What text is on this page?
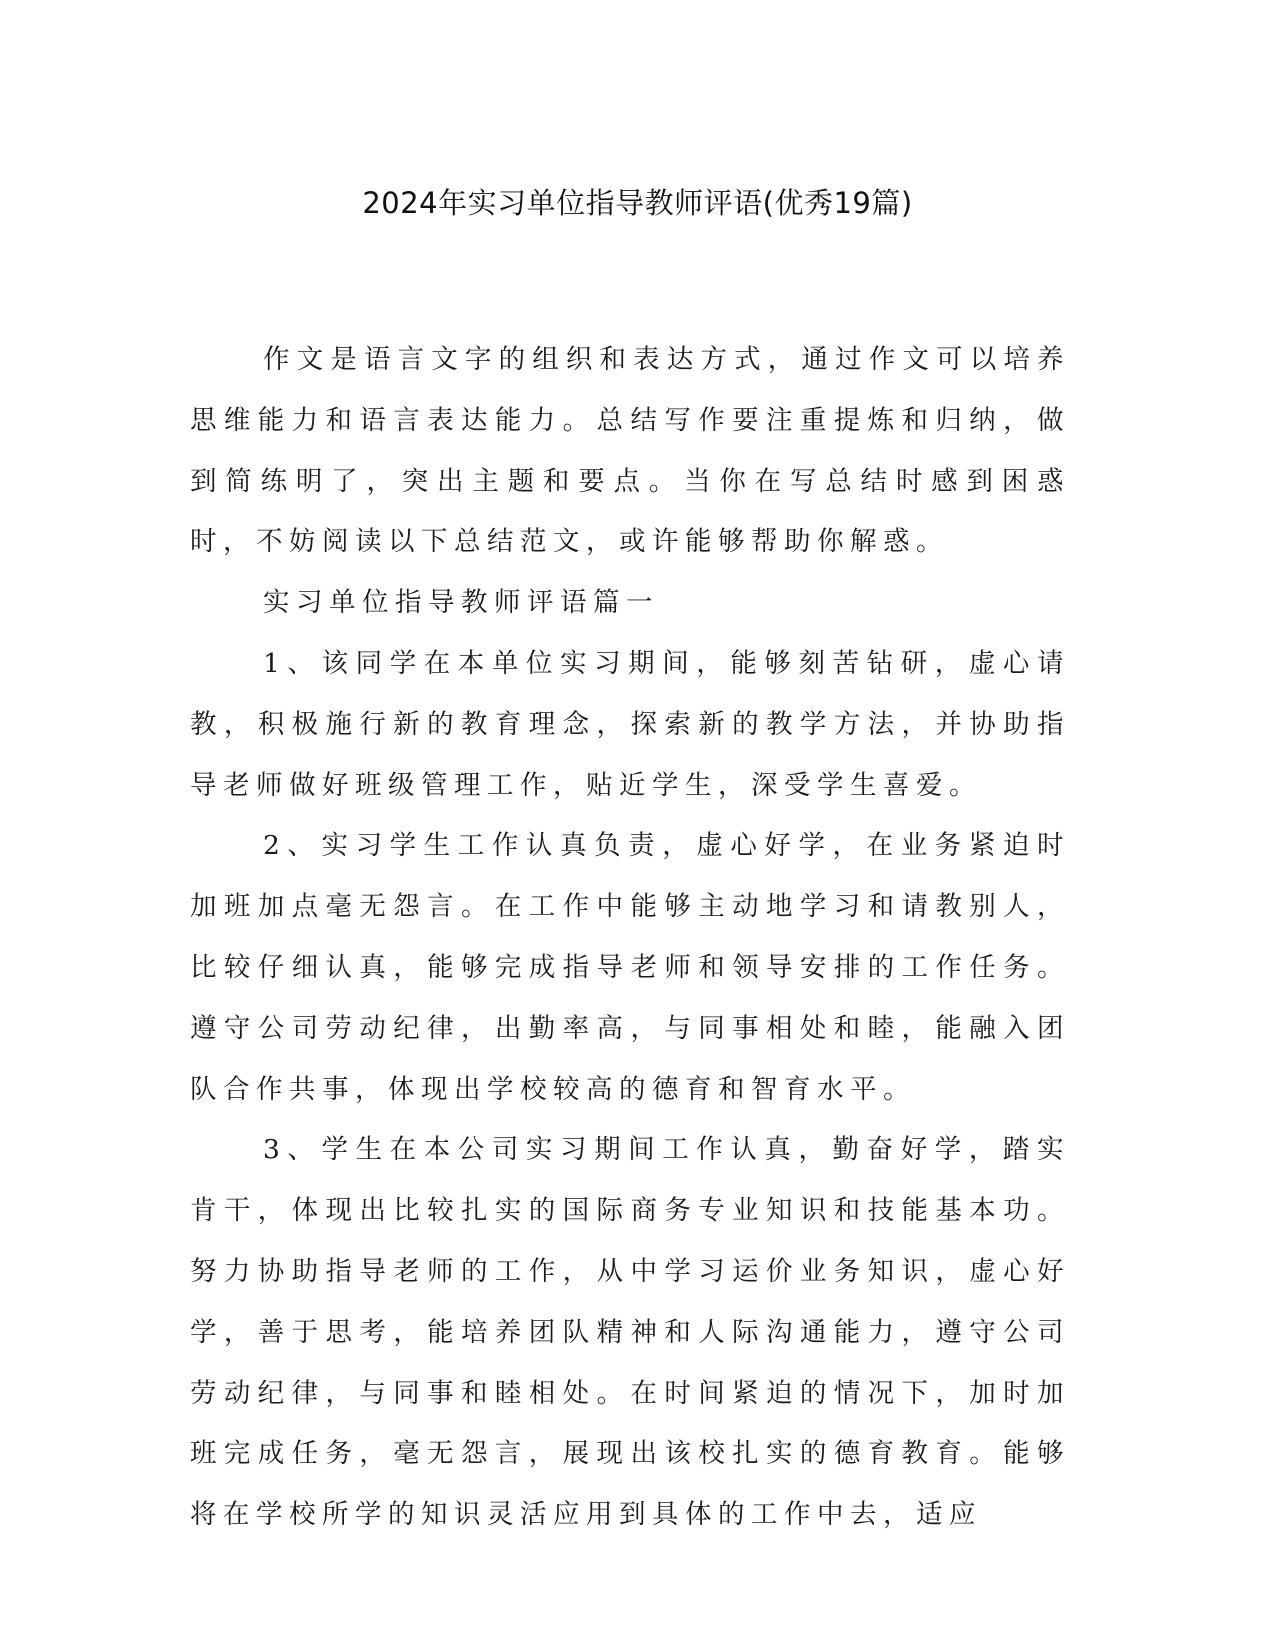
2024年实习单位指导教师评语(优秀19篇)

作文是语言文字的组织和表达方式，通过作文可以培养思维能力和语言表达能力。总结写作要注重提炼和归纳，做到简练明了，突出主题和要点。当你在写总结时感到困惑时，不妨阅读以下总结范文，或许能够帮助你解惑。

实习单位指导教师评语篇一

1、该同学在本单位实习期间，能够刻苦钻研，虚心请教，积极施行新的教育理念，探索新的教学方法，并协助指导老师做好班级管理工作，贴近学生，深受学生喜爱。

2、实习学生工作认真负责，虚心好学，在业务紧迫时加班加点毫无怨言。在工作中能够主动地学习和请教别人，比较仔细认真，能够完成指导老师和领导安排的工作任务。遵守公司劳动纪律，出勤率高，与同事相处和睦，能融入团队合作共事，体现出学校较高的德育和智育水平。

3、学生在本公司实习期间工作认真，勤奋好学，踏实肯干，体现出比较扎实的国际商务专业知识和技能基本功。努力协助指导老师的工作，从中学习运价业务知识，虚心好学，善于思考，能培养团队精神和人际沟通能力，遵守公司劳动纪律，与同事和睦相处。在时间紧迫的情况下，加时加班完成任务，毫无怨言，展现出该校扎实的德育教育。能够将在学校所学的知识灵活应用到具体的工作中去，适应
